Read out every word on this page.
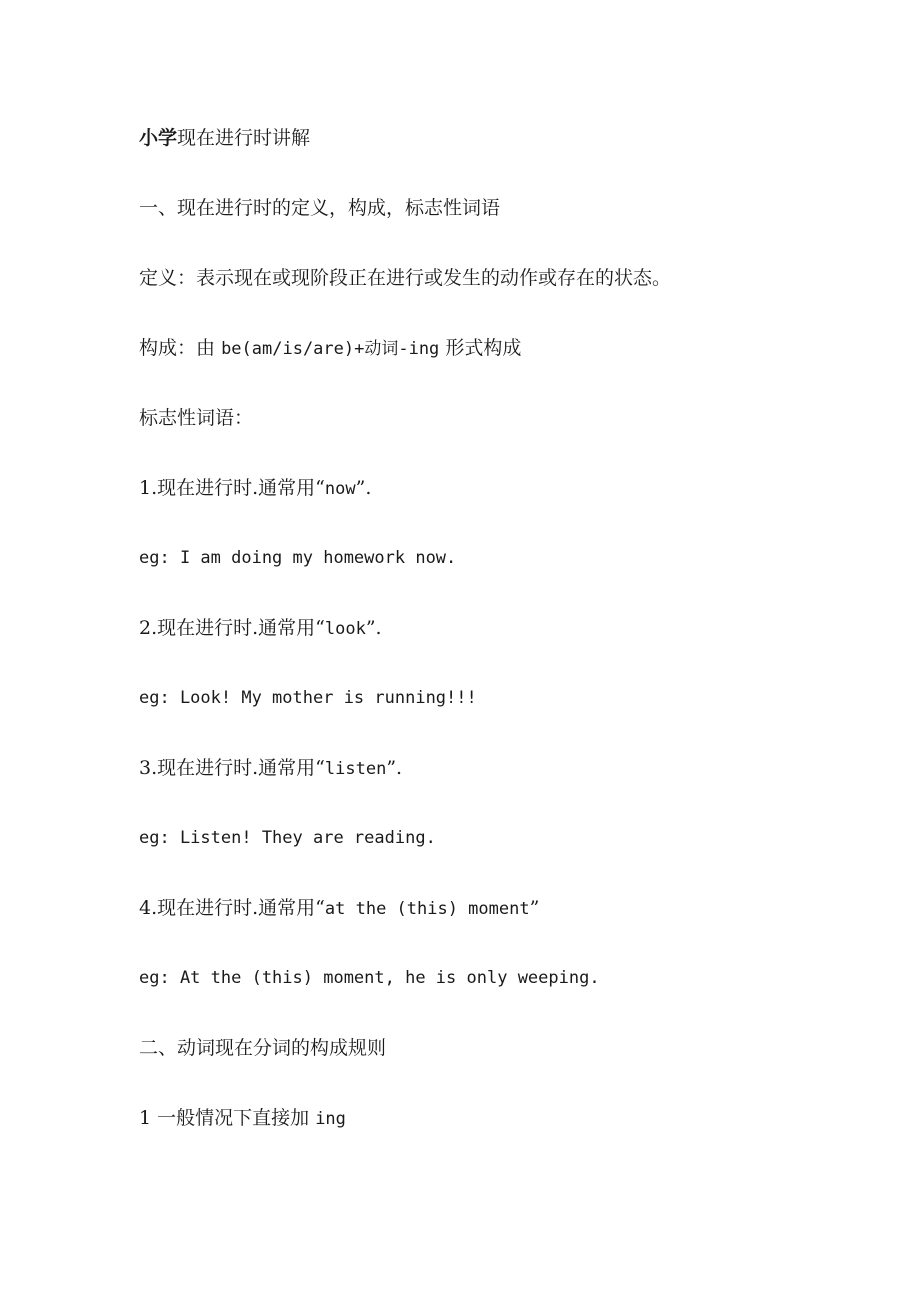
小学现在进行时讲解
一、现在进行时的定义，构成，标志性词语
定义：表示现在或现阶段正在进行或发生的动作或存在的状态。
构成：由 be(am/is/are)+动词-ing 形式构成
标志性词语：
1.现在进行时.通常用“now”.
eg: I am doing my homework now.
2.现在进行时.通常用“look”.
eg: Look! My mother is running!!!
3.现在进行时.通常用“listen”.
eg: Listen! They are reading.
4.现在进行时.通常用“at the (this) moment”
eg: At the (this) moment, he is only weeping.
二、动词现在分词的构成规则
1 一般情况下直接加 ing
